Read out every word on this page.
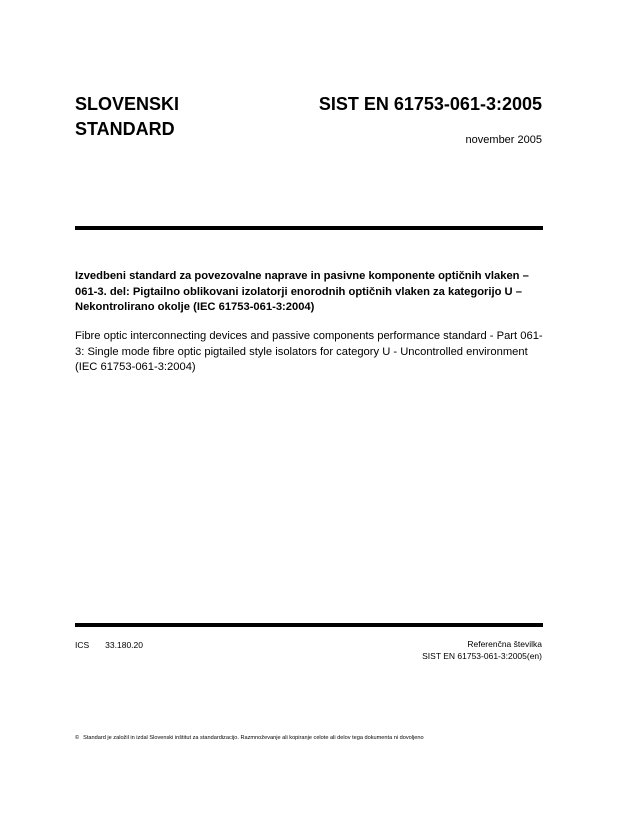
SLOVENSKI
STANDARD
SIST EN 61753-061-3:2005
november 2005

Izvedbeni standard za povezovalne naprave in pasivne komponente optičnih vlaken – 061-3. del: Pigtailno oblikovani izolatorji enorodnih optičnih vlaken za kategorijo U – Nekontrolirano okolje (IEC 61753-061-3:2004)

Fibre optic interconnecting devices and passive components performance standard - Part 061-3: Single mode fibre optic pigtailed style isolators for category U - Uncontrolled environment (IEC 61753-061-3:2004)

ICS 33.180.20	Referenčna številka
SIST EN 61753-061-3:2005(en)
© Standard je založil in izdal Slovenski inštitut za standardizacijo. Razmnoževanje ali kopiranje celote ali delov tega dokumenta ni dovoljeno
